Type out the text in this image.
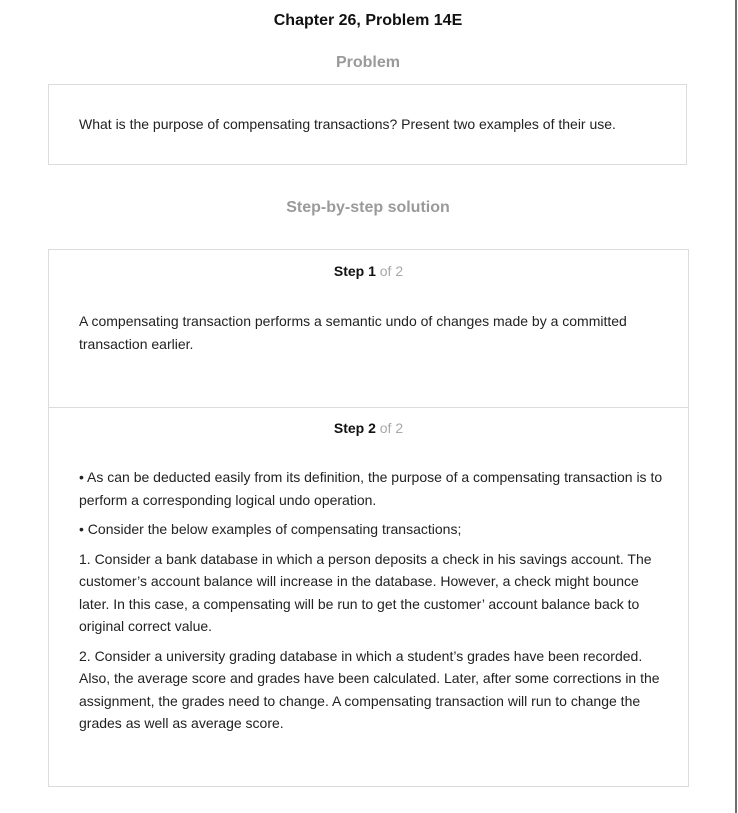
Chapter 26, Problem 14E
Problem
What is the purpose of compensating transactions? Present two examples of their use.
Step-by-step solution
Step 1 of 2

A compensating transaction performs a semantic undo of changes made by a committed transaction earlier.

Step 2 of 2

• As can be deducted easily from its definition, the purpose of a compensating transaction is to perform a corresponding logical undo operation.

• Consider the below examples of compensating transactions;

1. Consider a bank database in which a person deposits a check in his savings account. The customer’s account balance will increase in the database. However, a check might bounce later. In this case, a compensating will be run to get the customer’ account balance back to original correct value.

2. Consider a university grading database in which a student’s grades have been recorded. Also, the average score and grades have been calculated. Later, after some corrections in the assignment, the grades need to change. A compensating transaction will run to change the grades as well as average score.
